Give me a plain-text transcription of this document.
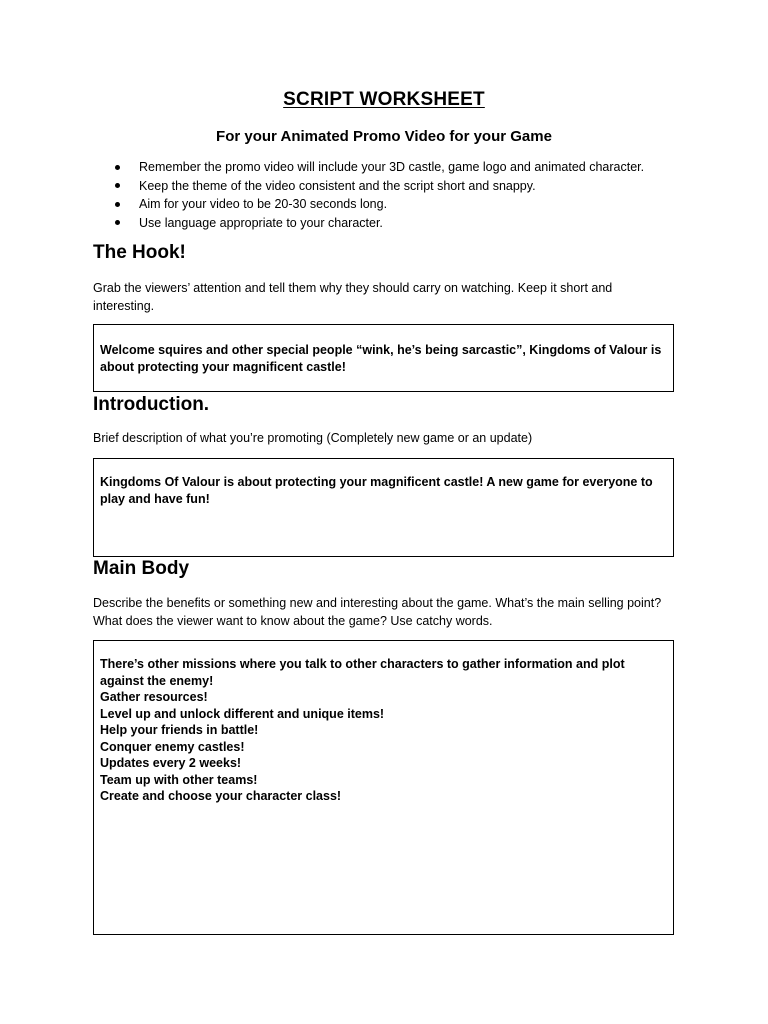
SCRIPT WORKSHEET
For your Animated Promo Video for your Game
Remember the promo video will include your 3D castle, game logo and animated character.
Keep the theme of the video consistent and the script short and snappy.
Aim for your video to be 20-30 seconds long.
Use language appropriate to your character.
The Hook!
Grab the viewers’ attention and tell them why they should carry on watching. Keep it short and interesting.
Welcome squires and other special people “wink, he’s being sarcastic”, Kingdoms of Valour is about protecting your magnificent castle!
Introduction.
Brief description of what you’re promoting (Completely new game or an update)
Kingdoms Of Valour is about protecting your magnificent castle! A new game for everyone to play and have fun!
Main Body
Describe the benefits or something new and interesting about the game. What’s the main selling point? What does the viewer want to know about the game? Use catchy words.
There’s other missions where you talk to other characters to gather information and plot against the enemy!
Gather resources!
Level up and unlock different and unique items!
Help your friends in battle!
Conquer enemy castles!
Updates every 2 weeks!
Team up with other teams!
Create and choose your character class!
